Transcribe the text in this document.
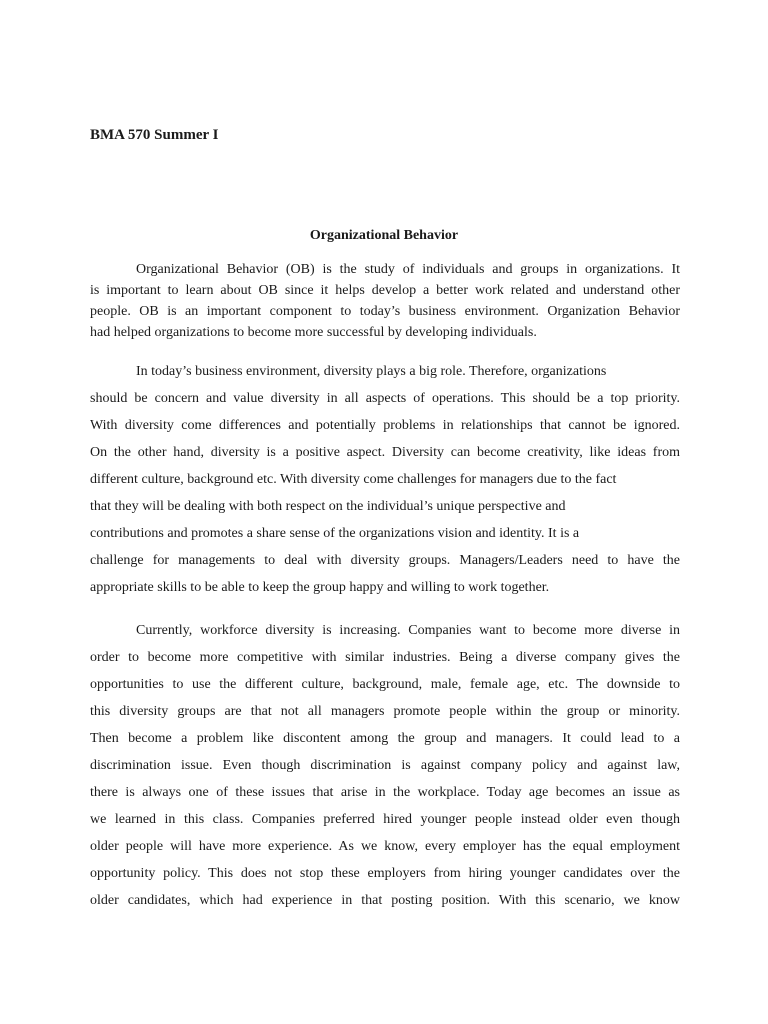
BMA 570 Summer I
Organizational Behavior
Organizational Behavior (OB) is the study of individuals and groups in organizations. It
is important to learn about OB since it helps develop a better work related and understand other
people. OB is an important component to today’s business environment. Organization Behavior
had helped organizations to become more successful by developing individuals.
In today’s business environment, diversity plays a big role. Therefore, organizations
should be concern and value diversity in all aspects of operations. This should be a top priority.
With diversity come differences and potentially problems in relationships that cannot be ignored.
On the other hand, diversity is a positive aspect. Diversity can become creativity, like ideas from
different culture, background etc. With diversity come challenges for managers due to the fact
that they will be dealing with both respect on the individual’s unique perspective and
contributions and promotes a share sense of the organizations vision and identity. It is a
challenge for managements to deal with diversity groups. Managers/Leaders need to have the
appropriate skills to be able to keep the group happy and willing to work together.
Currently, workforce diversity is increasing. Companies want to become more diverse in
order to become more competitive with similar industries. Being a diverse company gives the
opportunities to use the different culture, background, male, female age, etc. The downside to
this diversity groups are that not all managers promote people within the group or minority.
Then become a problem like discontent among the group and managers. It could lead to a
discrimination issue. Even though discrimination is against company policy and against law,
there is always one of these issues that arise in the workplace. Today age becomes an issue as
we learned in this class. Companies preferred hired younger people instead older even though
older people will have more experience. As we know, every employer has the equal employment
opportunity policy. This does not stop these employers from hiring younger candidates over the
older candidates, which had experience in that posting position. With this scenario, we know
